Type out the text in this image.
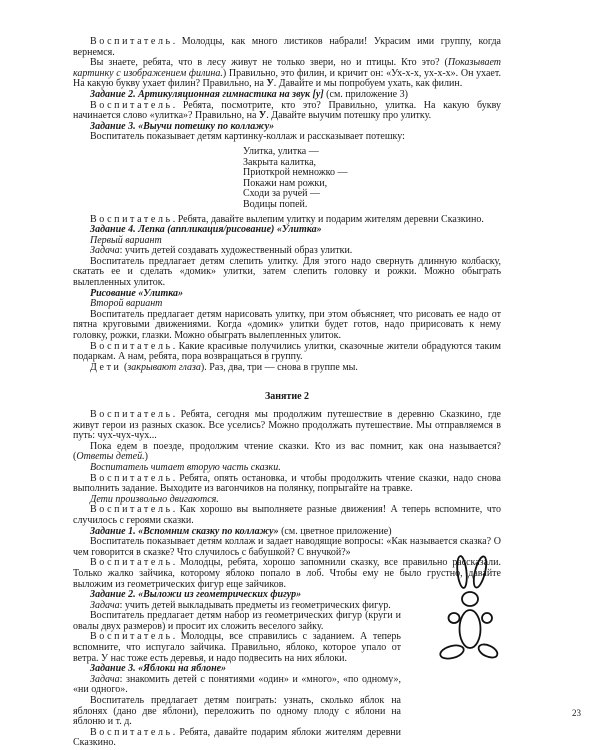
Воспитатель. Молодцы, как много листиков набрали! Украсим ими группу, когда вернемся.

Вы знаете, ребята, что в лесу живут не только звери, но и птицы. Кто это? (Показывает картинку с изображением филина.) Правильно, это филин, и кричит он: «Ух-х-х, ух-х-х». Он ухает. На какую букву ухает филин? Правильно, на У. Давайте и мы попробуем ухать, как филин.

Задание 2. Артикуляционная гимнастика на звук [у] (см. приложение 3)

Воспитатель. Ребята, посмотрите, кто это? Правильно, улитка. На какую букву начинается слово «улитка»? Правильно, на У. Давайте выучим потешку про улитку.

Задание 3. «Выучи потешку по коллажу»

Воспитатель показывает детям картинку-коллаж и рассказывает потешку:

Улитка, улитка —
Закрыта калитка,
Приоткрой немножко —
Покажи нам рожки,
Сходи за ручей —
Водицы попей.

Воспитатель. Ребята, давайте вылепим улитку и подарим жителям деревни Сказкино.

Задание 4. Лепка (аппликация/рисование) «Улитка»

Первый вариант

Задача: учить детей создавать художественный образ улитки.

Воспитатель предлагает детям слепить улитку. Для этого надо свернуть длинную колбаску, скатать ее и сделать «домик» улитки, затем слепить головку и рожки. Можно обыграть вылепленных улиток.

Рисование «Улитка»

Второй вариант

Воспитатель предлагает детям нарисовать улитку, при этом объясняет, что рисовать ее надо от пятна круговыми движениями. Когда «домик» улитки будет готов, надо пририсовать к нему головку, рожки, глазки. Можно обыграть вылепленных улиток.

Воспитатель. Какие красивые получились улитки, сказочные жители обрадуются таким подаркам. А нам, ребята, пора возвращаться в группу.

Дети (закрывают глаза). Раз, два, три — снова в группе мы.

Занятие 2

Воспитатель. Ребята, сегодня мы продолжим путешествие в деревню Сказкино, где живут герои из разных сказок. Все уселись? Можно продолжать путешествие. Мы отправляемся в путь: чух-чух-чух...

Пока едем в поезде, продолжим чтение сказки. Кто из вас помнит, как она называется? (Ответы детей.)

Воспитатель читает вторую часть сказки.

Воспитатель. Ребята, опять остановка, и чтобы продолжить чтение сказки, надо снова выполнить задание. Выходите из вагончиков на полянку, попрыгайте на травке.

Дети произвольно двигаются.

Воспитатель. Как хорошо вы выполняете разные движения! А теперь вспомните, что случилось с героями сказки.

Задание 1. «Вспомним сказку по коллажу» (см. цветное приложение)

Воспитатель показывает детям коллаж и задает наводящие вопросы: «Как называется сказка? О чем говорится в сказке? Что случилось с бабушкой? С внучкой?»

Воспитатель. Молодцы, ребята, хорошо запомнили сказку, все правильно рассказали. Только жалко зайчика, которому яблоко попало в лоб. Чтобы ему не было грустно, давайте выложим из геометрических фигур еще зайчиков.

Задание 2. «Выложи из геометрических фигур»

Задача: учить детей выкладывать предметы из геометрических фигур.

Воспитатель предлагает детям набор из геометрических фигур (круги и овалы двух размеров) и просит их сложить веселого зайку.

Воспитатель. Молодцы, все справились с заданием. А теперь вспомните, что испугало зайчика. Правильно, яблоко, которое упало от ветра. У нас тоже есть деревья, и надо подвесить на них яблоки.

Задание 3. «Яблоки на яблоне»

Задача: знакомить детей с понятиями «один» и «много», «по одному», «ни одного».

Воспитатель предлагает детям поиграть: узнать, сколько яблок на яблонях (дано две яблони), переложить по одному плоду с яблони на яблоню и т. д.

Воспитатель. Ребята, давайте подарим яблоки жителям деревни Сказкино.

23
